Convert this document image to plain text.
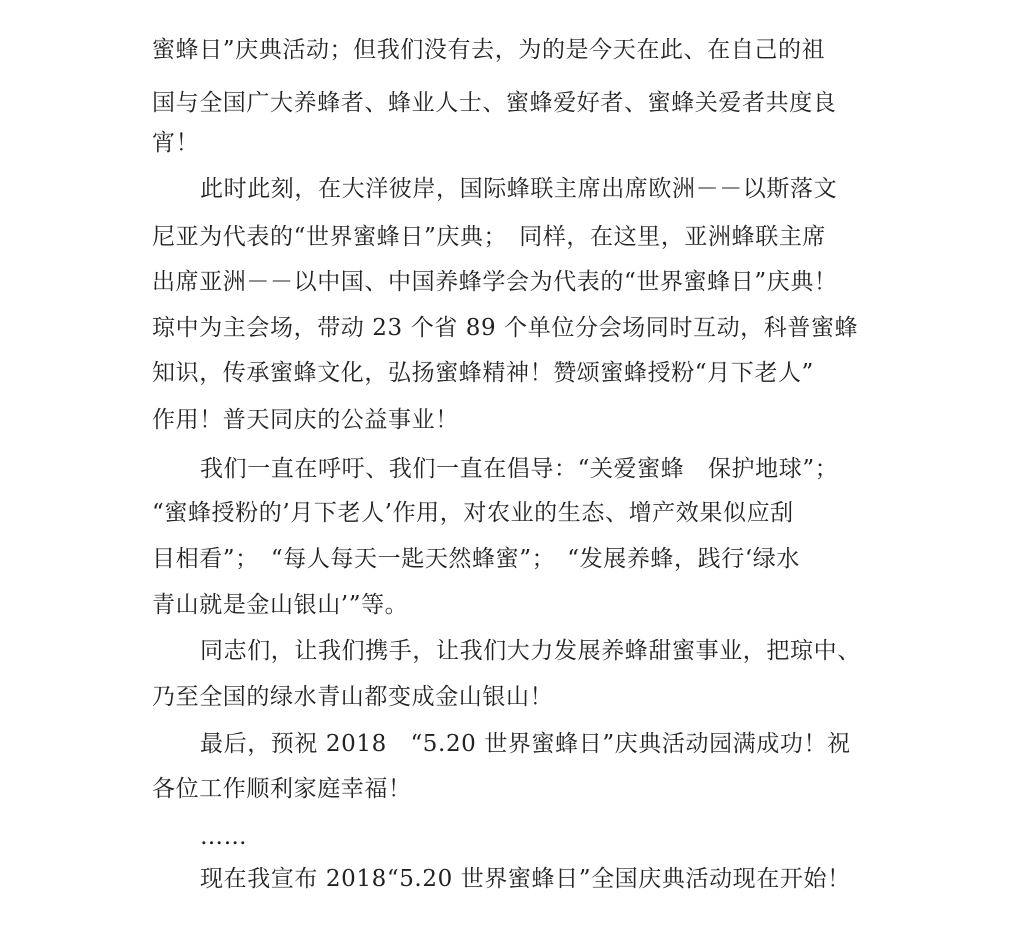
蜜蜂日”庆典活动；但我们没有去，为的是今天在此、在自己的祖
国与全国广大养蜂者、蜂业人士、蜜蜂爱好者、蜜蜂关爱者共度良
宵！
此时此刻，在大洋彼岸，国际蜂联主席出席欧洲－－以斯落文
尼亚为代表的“世界蜜蜂日”庆典；　同样，在这里，亚洲蜂联主席
出席亚洲－－以中国、中国养蜂学会为代表的“世界蜜蜂日”庆典！
琼中为主会场，带动 23 个省 89 个单位分会场同时互动，科普蜜蜂
知识，传承蜜蜂文化，弘扬蜜蜂精神！赞颂蜜蜂授粉“月下老人”
作用！普天同庆的公益事业！
我们一直在呼吁、我们一直在倡导：“关爱蜜蜂　保护地球”；
“蜜蜂授粉的’月下老人’作用，对农业的生态、增产效果似应刮
目相看”；　“每人每天一匙天然蜂蜜”；　“发展养蜂，践行‘绿水
青山就是金山银山’”等。
同志们，让我们携手，让我们大力发展养蜂甜蜜事业，把琼中、
乃至全国的绿水青山都变成金山银山！
最后，预祝 2018　“5.20 世界蜜蜂日”庆典活动园满成功！祝
各位工作顺利家庭幸福！
……
现在我宣布 2018“5.20 世界蜜蜂日”全国庆典活动现在开始！
